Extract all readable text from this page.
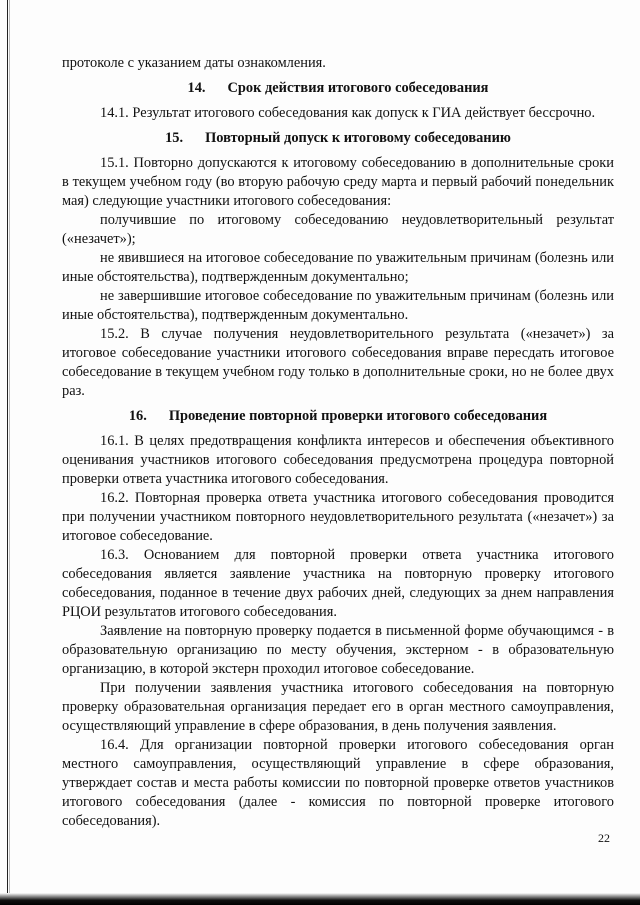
протоколе с указанием даты ознакомления.

14. Срок действия итогового собеседования

14.1. Результат итогового собеседования как допуск к ГИА действует бессрочно.

15. Повторный допуск к итоговому собеседованию

15.1. Повторно допускаются к итоговому собеседованию в дополнительные сроки в текущем учебном году (во вторую рабочую среду марта и первый рабочий понедельник мая) следующие участники итогового собеседования:

получившие по итоговому собеседованию неудовлетворительный результат («незачет»);

не явившиеся на итоговое собеседование по уважительным причинам (болезнь или иные обстоятельства), подтвержденным документально;

не завершившие итоговое собеседование по уважительным причинам (болезнь или иные обстоятельства), подтвержденным документально.

15.2. В случае получения неудовлетворительного результата («незачет») за итоговое собеседование участники итогового собеседования вправе пересдать итоговое собеседование в текущем учебном году только в дополнительные сроки, но не более двух раз.

16. Проведение повторной проверки итогового собеседования

16.1. В целях предотвращения конфликта интересов и обеспечения объективного оценивания участников итогового собеседования предусмотрена процедура повторной проверки ответа участника итогового собеседования.

16.2. Повторная проверка ответа участника итогового собеседования проводится при получении участником повторного неудовлетворительного результата («незачет») за итоговое собеседование.

16.3. Основанием для повторной проверки ответа участника итогового собеседования является заявление участника на повторную проверку итогового собеседования, поданное в течение двух рабочих дней, следующих за днем направления РЦОИ результатов итогового собеседования.

Заявление на повторную проверку подается в письменной форме обучающимся - в образовательную организацию по месту обучения, экстерном - в образовательную организацию, в которой экстерн проходил итоговое собеседование.

При получении заявления участника итогового собеседования на повторную проверку образовательная организация передает его в орган местного самоуправления, осуществляющий управление в сфере образования, в день получения заявления.

16.4. Для организации повторной проверки итогового собеседования орган местного самоуправления, осуществляющий управление в сфере образования, утверждает состав и места работы комиссии по повторной проверке ответов участников итогового собеседования (далее - комиссия по повторной проверке итогового собеседования).

22
